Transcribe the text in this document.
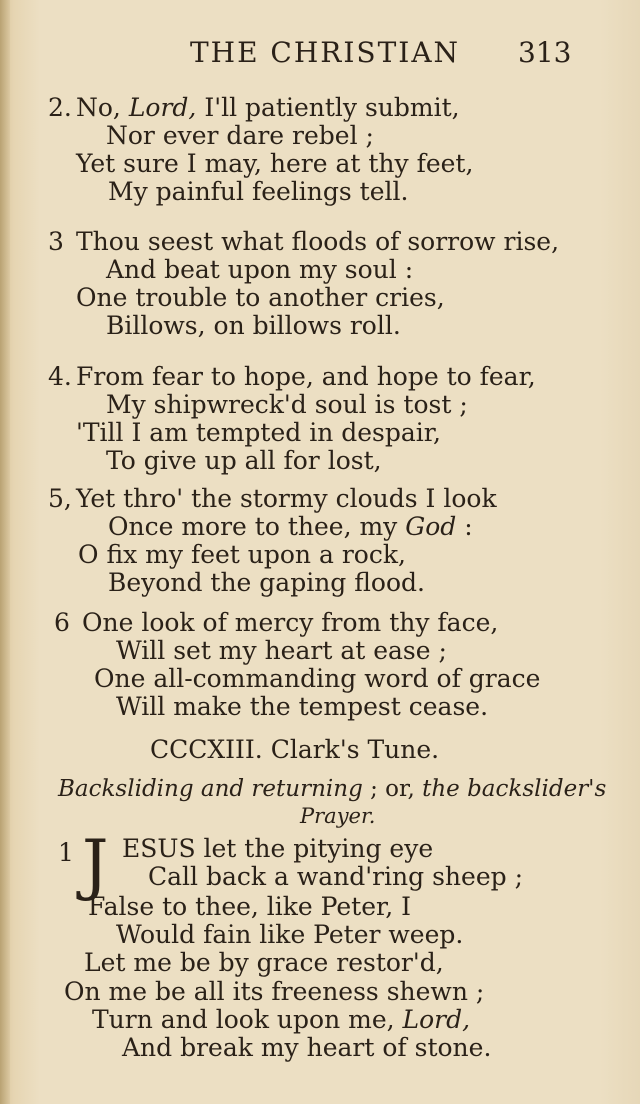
THE CHRISTIAN 313
2. No, Lord, I'll patiently submit,
Nor ever dare rebel ;
Yet sure I may, here at thy feet,
My painful feelings tell.
3 Thou seest what floods of sorrow rise,
And beat upon my soul :
One trouble to another cries,
Billows, on billows roll.
4. From fear to hope, and hope to fear,
My shipwreck'd soul is tost ;
'Till I am tempted in despair,
To give up all for lost,
5, Yet thro' the stormy clouds I look
Once more to thee, my God :
O fix my feet upon a rock,
Beyond the gaping flood.
6 One look of mercy from thy face,
Will set my heart at ease ;
One all-commanding word of grace
Will make the tempest cease.
CCCXIII. Clark's Tune.
Backsliding and returning ; or, the backslider's
Prayer.
1 J ESUS let the pitying eye
Call back a wand'ring sheep ;
False to thee, like Peter, I
Would fain like Peter weep.
Let me be by grace restor'd,
On me be all its freeness shewn ;
Turn and look upon me, Lord,
And break my heart of stone.
